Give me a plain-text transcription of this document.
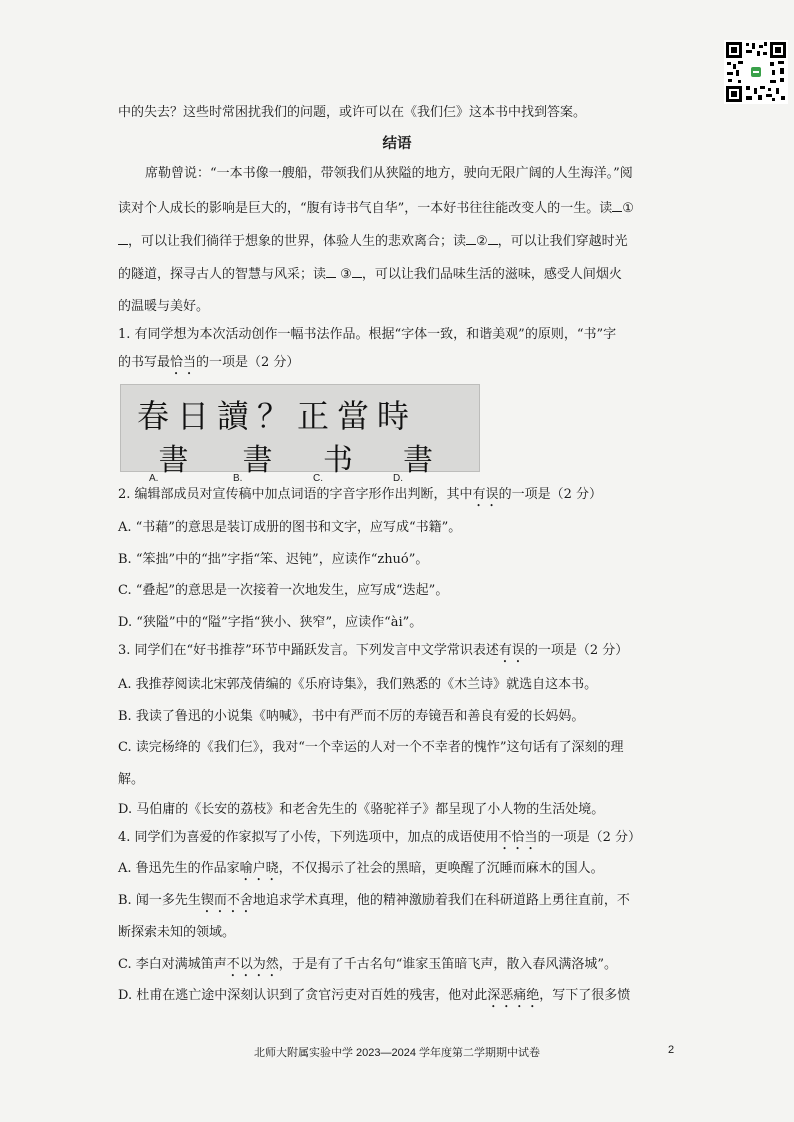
中的失去？这些时常困扰我们的问题，或许可以在《我们仨》这本书中找到答案。
结语
席勒曾说：“一本书像一艘船，带领我们从狭隘的地方，驶向无限广阔的人生海洋。”阅
读对个人成长的影响是巨大的，“腹有诗书气自华”，一本好书往往能改变人的一生。读 ①
，可以让我们徜徉于想象的世界，体验人生的悲欢离合；读 ② ，可以让我们穿越时光
的隧道，探寻古人的智慧与风采；读 ③ ，可以让我们品味生活的滋味，感受人间烟火
的温暖与美好。
1. 有同学想为本次活动创作一幅书法作品。根据“字体一致，和谐美观”的原则，“书”字
的书写最恰当的一项是（2 分）
春日讀？正當時
$_{A.}$書
$_{B.}$書
$_{C.}$书
$_{D.}$書
2. 编辑部成员对宣传稿中加点词语的字音字形作出判断，其中有误的一项是（2 分）
A. “书藉”的意思是装订成册的图书和文字，应写成“书籍”。
B. “笨拙”中的“拙”字指“笨、迟钝”，应读作“zhuó”。
C. “叠起”的意思是一次接着一次地发生，应写成“迭起”。
D. “狭隘”中的“隘”字指“狭小、狭窄”，应读作“ài”。
3. 同学们在“好书推荐”环节中踊跃发言。下列发言中文学常识表述有误的一项是（2 分）
A. 我推荐阅读北宋郭茂倩编的《乐府诗集》，我们熟悉的《木兰诗》就选自这本书。
B. 我读了鲁迅的小说集《呐喊》，书中有严而不厉的寿镜吾和善良有爱的长妈妈。
C. 读完杨绛的《我们仨》，我对“一个幸运的人对一个不幸者的愧怍”这句话有了深刻的理
解。
D. 马伯庸的《长安的荔枝》和老舍先生的《骆驼祥子》都呈现了小人物的生活处境。
4. 同学们为喜爱的作家拟写了小传，下列选项中，加点的成语使用不恰当的一项是（2 分）
A. 鲁迅先生的作品家喻户晓，不仅揭示了社会的黑暗，更唤醒了沉睡而麻木的国人。
B. 闻一多先生锲而不舍地追求学术真理，他的精神激励着我们在科研道路上勇往直前，不
断探索未知的领域。
C. 李白对满城笛声不以为然，于是有了千古名句“谁家玉笛暗飞声，散入春风满洛城”。
D. 杜甫在逃亡途中深刻认识到了贪官污吏对百姓的残害，他对此深恶痛绝，写下了很多愤
北师大附属实验中学 2023—2024 学年度第二学期期中试卷	2
